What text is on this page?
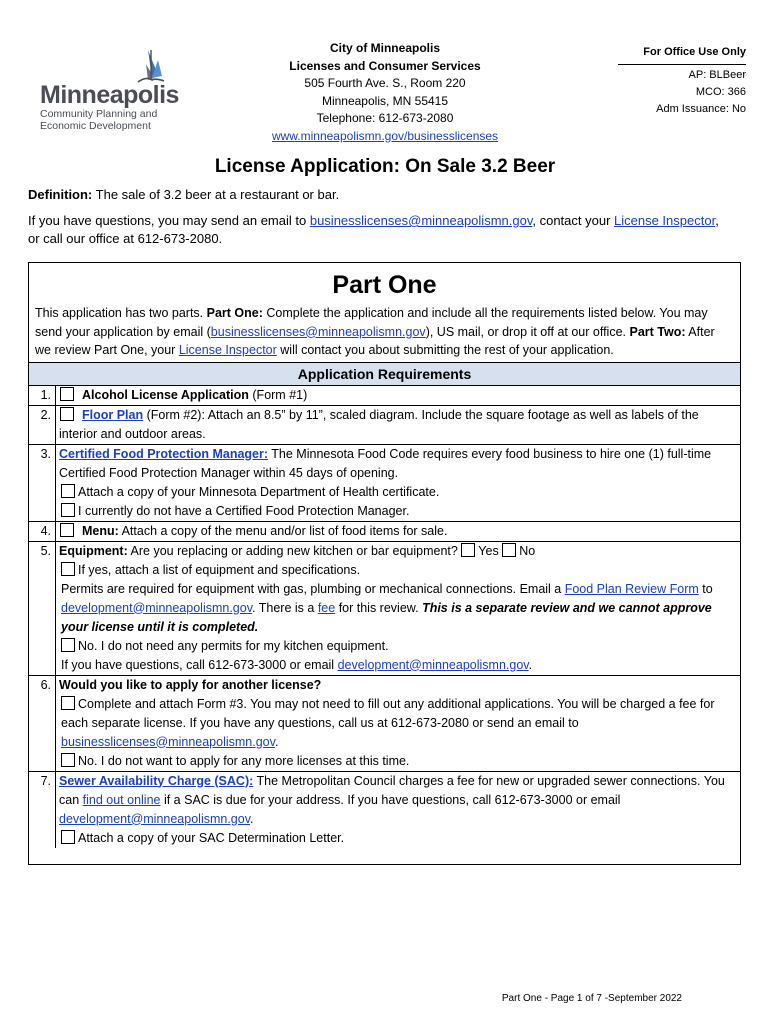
Minneapolis
Community Planning and
Economic Development
City of Minneapolis
Licenses and Consumer Services
505 Fourth Ave. S., Room 220
Minneapolis, MN 55415
Telephone: 612-673-2080
www.minneapolismn.gov/businesslicenses
For Office Use Only
AP: BLBeer
MCO: 366
Adm Issuance: No
License Application: On Sale 3.2 Beer

Definition: The sale of 3.2 beer at a restaurant or bar.

If you have questions, you may send an email to businesslicenses@minneapolismn.gov, contact your License Inspector, or call our office at 612-673-2080.

Part One
This application has two parts. Part One: Complete the application and include all the requirements listed below. You may send your application by email (businesslicenses@minneapolismn.gov), US mail, or drop it off at our office. Part Two: After we review Part One, your License Inspector will contact you about submitting the rest of your application.
Application Requirements
1.	Alcohol License Application (Form #1)
2.	Floor Plan (Form #2): Attach an 8.5” by 11”, scaled diagram. Include the square footage as well as labels of the interior and outdoor areas.
3. Certified Food Protection Manager: The Minnesota Food Code requires every food business to hire one (1) full-time Certified Food Protection Manager within 45 days of opening.
Attach a copy of your Minnesota Department of Health certificate.
I currently do not have a Certified Food Protection Manager.
4.	Menu: Attach a copy of the menu and/or list of food items for sale.
5. Equipment: Are you replacing or adding new kitchen or bar equipment? Yes No
If yes, attach a list of equipment and specifications.
Permits are required for equipment with gas, plumbing or mechanical connections. Email a Food Plan Review Form to development@minneapolismn.gov. There is a fee for this review. This is a separate review and we cannot approve your license until it is completed.
No. I do not need any permits for my kitchen equipment.
If you have questions, call 612-673-3000 or email development@minneapolismn.gov.
6. Would you like to apply for another license?
Complete and attach Form #3. You may not need to fill out any additional applications. You will be charged a fee for each separate license. If you have any questions, call us at 612-673-2080 or send an email to businesslicenses@minneapolismn.gov.
No. I do not want to apply for any more licenses at this time.
7. Sewer Availability Charge (SAC): The Metropolitan Council charges a fee for new or upgraded sewer connections. You can find out online if a SAC is due for your address. If you have questions, call 612-673-3000 or email development@minneapolismn.gov.
Attach a copy of your SAC Determination Letter.
Part One - Page 1 of 7 -September 2022
